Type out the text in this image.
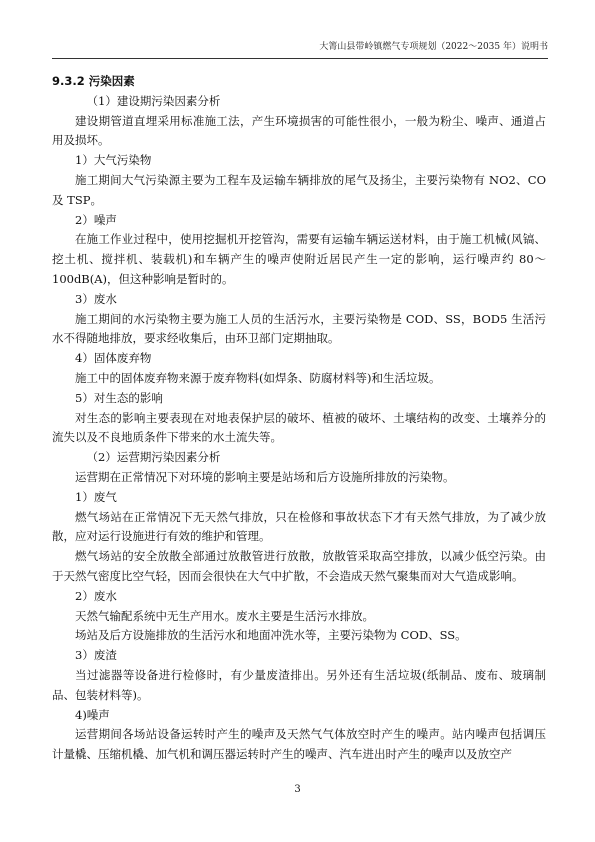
大箐山县带岭镇燃气专项规划（2022～2035 年）说明书

9.3.2 污染因素

（1）建设期污染因素分析

建设期管道直埋采用标准施工法，产生环境损害的可能性很小，一般为粉尘、噪声、通道占用及损坏。

1）大气污染物

施工期间大气污染源主要为工程车及运输车辆排放的尾气及扬尘，主要污染物有 NO2、CO 及 TSP。

2）噪声

在施工作业过程中，使用挖掘机开挖管沟，需要有运输车辆运送材料，由于施工机械(风镐、挖土机、搅拌机、装载机)和车辆产生的噪声使附近居民产生一定的影响，运行噪声约 80～100dB(A)，但这种影响是暂时的。

3）废水

施工期间的水污染物主要为施工人员的生活污水，主要污染物是 COD、SS，BOD5 生活污水不得随地排放，要求经收集后，由环卫部门定期抽取。

4）固体废弃物

施工中的固体废弃物来源于废弃物料(如焊条、防腐材料等)和生活垃圾。

5）对生态的影响

对生态的影响主要表现在对地表保护层的破坏、植被的破坏、土壤结构的改变、土壤养分的流失以及不良地质条件下带来的水土流失等。

（2）运营期污染因素分析

运营期在正常情况下对环境的影响主要是站场和后方设施所排放的污染物。

1）废气

燃气场站在正常情况下无天然气排放，只在检修和事故状态下才有天然气排放，为了减少放散，应对运行设施进行有效的维护和管理。

燃气场站的安全放散全部通过放散管进行放散，放散管采取高空排放，以减少低空污染。由于天然气密度比空气轻，因而会很快在大气中扩散，不会造成天然气聚集而对大气造成影响。

2）废水

天然气输配系统中无生产用水。废水主要是生活污水排放。

场站及后方设施排放的生活污水和地面冲洗水等，主要污染物为 COD、SS。

3）废渣

当过滤器等设备进行检修时，有少量废渣排出。另外还有生活垃圾(纸制品、废布、玻璃制品、包装材料等)。

4)噪声

运营期间各场站设备运转时产生的噪声及天然气气体放空时产生的噪声。站内噪声包括调压计量橇、压缩机橇、加气机和调压器运转时产生的噪声、汽车进出时产生的噪声以及放空产

3
